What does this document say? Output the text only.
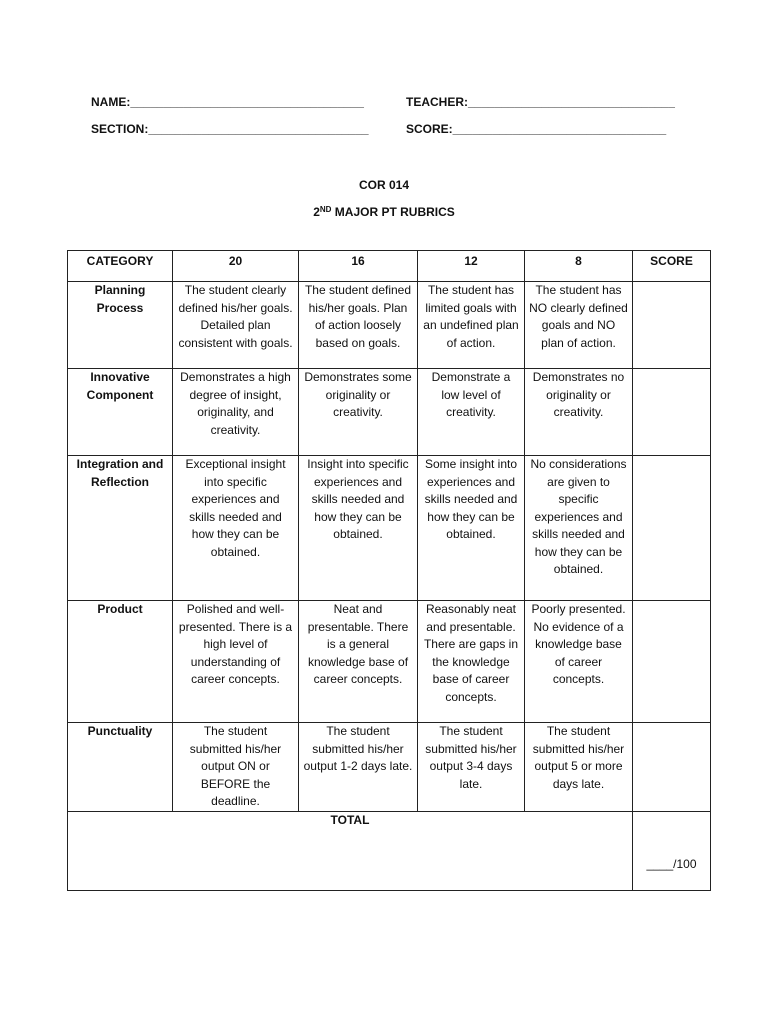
NAME:___________________________________	TEACHER:_______________________________
SECTION:_________________________________	SCORE:________________________________
COR 014
2ND MAJOR PT RUBRICS
CATEGORY	20	16	12	8	SCORE
Planning Process	The student clearly defined his/her goals. Detailed plan consistent with goals.	The student defined his/her goals. Plan of action loosely based on goals.	The student has limited goals with an undefined plan of action.	The student has NO clearly defined goals and NO plan of action.	
Innovative Component	Demonstrates a high degree of insight, originality, and creativity.	Demonstrates some originality or creativity.	Demonstrate a low level of creativity.	Demonstrates no originality or creativity.	
Integration and Reflection	Exceptional insight into specific experiences and skills needed and how they can be obtained.	Insight into specific experiences and skills needed and how they can be obtained.	Some insight into experiences and skills needed and how they can be obtained.	No considerations are given to specific experiences and skills needed and how they can be obtained.	
Product	Polished and well-presented. There is a high level of understanding of career concepts.	Neat and presentable. There is a general knowledge base of career concepts.	Reasonably neat and presentable. There are gaps in the knowledge base of career concepts.	Poorly presented. No evidence of a knowledge base of career concepts.	
Punctuality	The student submitted his/her output ON or BEFORE the deadline.	The student submitted his/her output 1-2 days late.	The student submitted his/her output 3-4 days late.	The student submitted his/her output 5 or more days late.	
TOTAL					____/100
